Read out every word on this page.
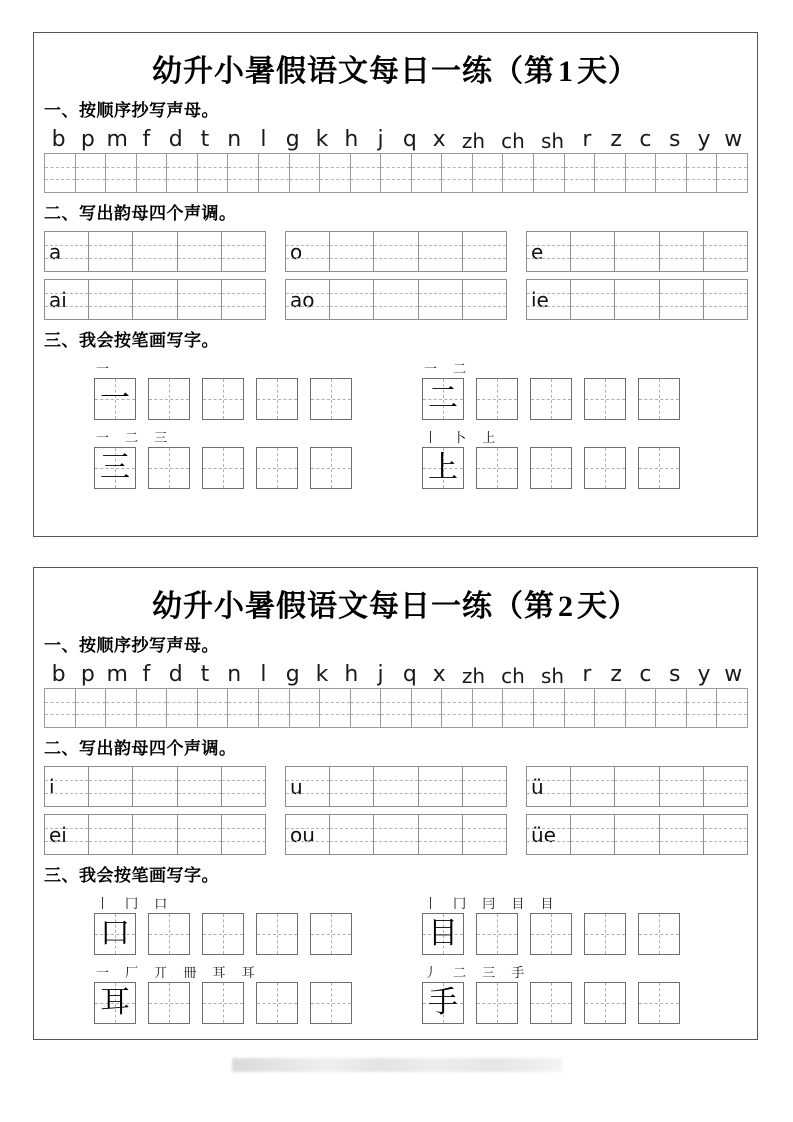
幼升小暑假语文每日一练（第 1 天）
一、按顺序抄写声母。
b p m f d t n l g k h j q x zh ch sh r z c s y w
二、写出韵母四个声调。
a	o	e
ai	ao	ie
三、我会按笔画写字。
一
一
一 二
二
一 二 三
三
丨 卜 上
上
幼升小暑假语文每日一练（第 2 天）
一、按顺序抄写声母。
b p m f d t n l g k h j q x zh ch sh r z c s y w
二、写出韵母四个声调。
i	u	ü
ei	ou	üe
三、我会按笔画写字。
丨 冂 口
口
丨 冂 冃 目 目
目
一 厂 丌 冊 耳 耳
耳
丿 二 三 手
手
